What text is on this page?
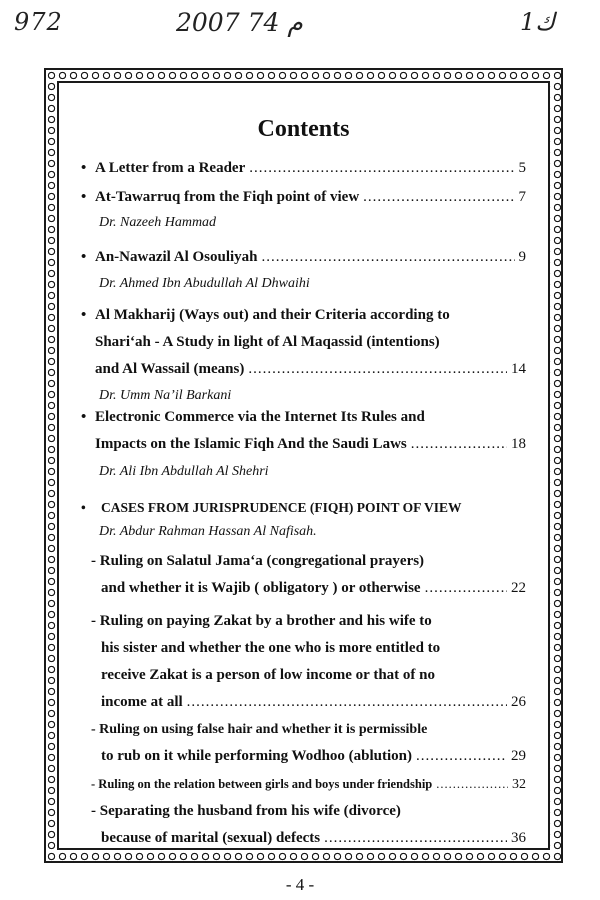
972	2007 م 74	ك1
Contents
• A Letter from a Reader .....	5
• At-Tawarruq from the Fiqh point of view .....	7
Dr. Nazeeh Hammad
• An-Nawazil Al Osouliyah .....	9
Dr. Ahmed Ibn Abudullah Al Dhwaihi
• Al Makharij (Ways out) and their Criteria according to
Shari‘ah - A Study in light of Al Maqassid (intentions)
and Al Wassail (means) .....	14
Dr. Umm Na’il Barkani
• Electronic Commerce via the Internet Its Rules and
Impacts on the Islamic Fiqh And the Saudi Laws .....	18
Dr. Ali Ibn Abdullah Al Shehri
• CASES FROM JURISPRUDENCE (FIQH) POINT OF VIEW
Dr. Abdur Rahman Hassan Al Nafisah.
- Ruling on Salatul Jama‘a (congregational prayers)
and whether it is Wajib ( obligatory ) or otherwise .....	22
- Ruling on paying Zakat by a brother and his wife to
his sister and whether the one who is more entitled to
receive Zakat is a person of low income or that of no
income at all .....	26
- Ruling on using false hair and whether it is permissible
to rub on it while performing Wodhoo (ablution) .....	29
- Ruling on the relation between girls and boys under friendship .....	32
- Separating the husband from his wife (divorce)
because of marital (sexual) defects .....	36
- 4 -
